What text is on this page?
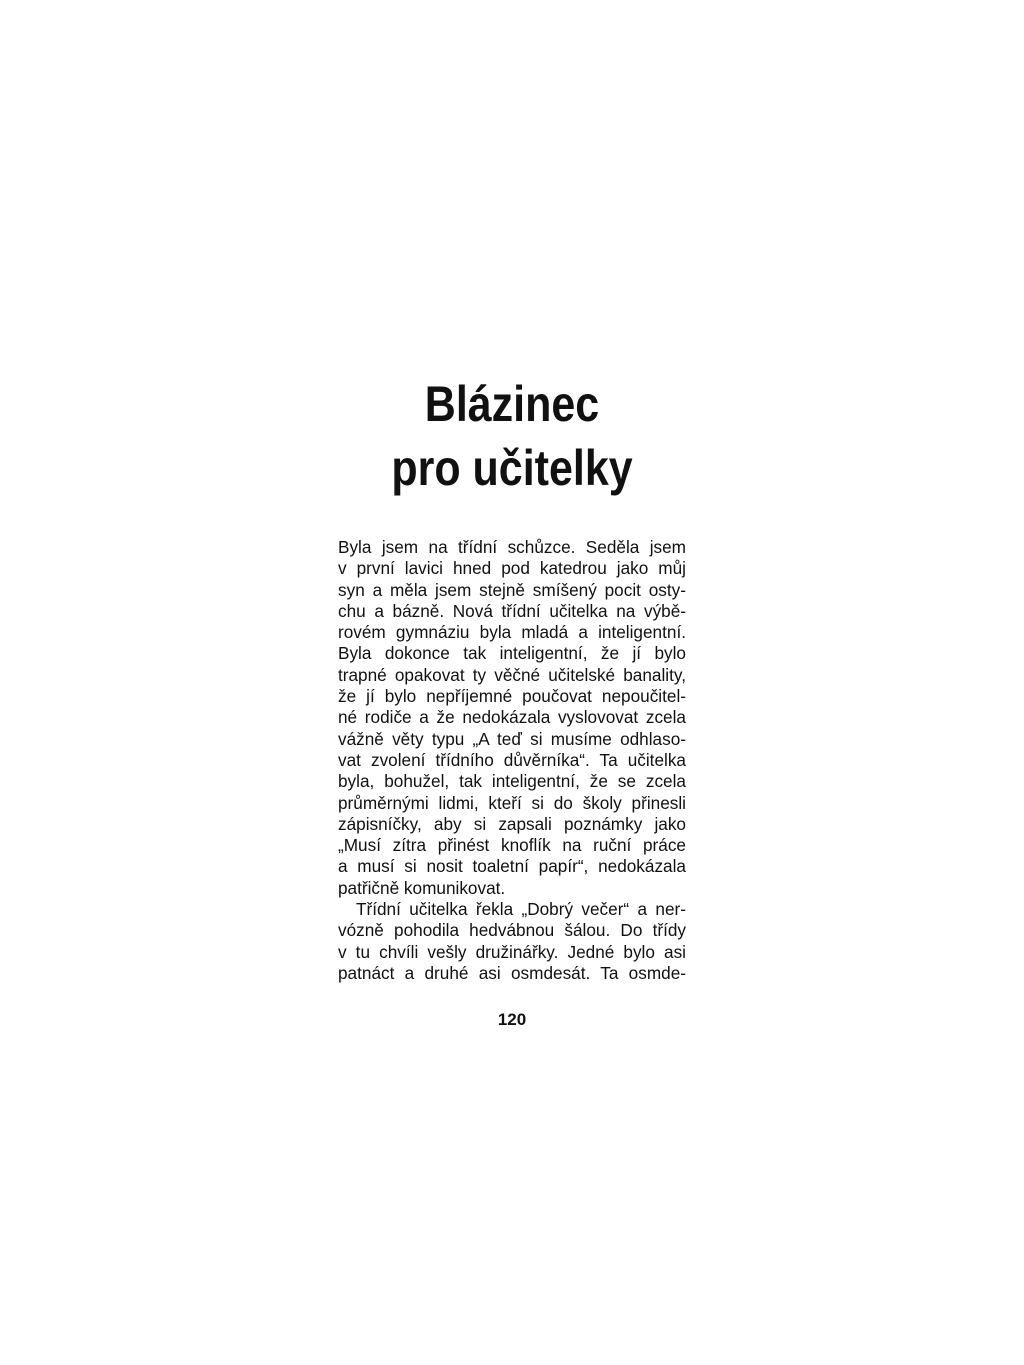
Blázinec
pro učitelky
Byla jsem na třídní schůzce. Seděla jsem
v první lavici hned pod katedrou jako můj
syn a měla jsem stejně smíšený pocit osty-
chu a bázně. Nová třídní učitelka na výbě-
rovém gymnáziu byla mladá a inteligentní.
Byla dokonce tak inteligentní, že jí bylo
trapné opakovat ty věčné učitelské banality,
že jí bylo nepříjemné poučovat nepoučitel-
né rodiče a že nedokázala vyslovovat zcela
vážně věty typu „A teď si musíme odhlaso-
vat zvolení třídního důvěrníka“. Ta učitelka
byla, bohužel, tak inteligentní, že se zcela
průměrnými lidmi, kteří si do školy přinesli
zápisníčky, aby si zapsali poznámky jako
„Musí zítra přinést knoflík na ruční práce
a musí si nosit toaletní papír“, nedokázala
patřičně komunikovat.
Třídní učitelka řekla „Dobrý večer“ a ner-
vózně pohodila hedvábnou šálou. Do třídy
v tu chvíli vešly družinářky. Jedné bylo asi
patnáct a druhé asi osmdesát. Ta osmde-
120
